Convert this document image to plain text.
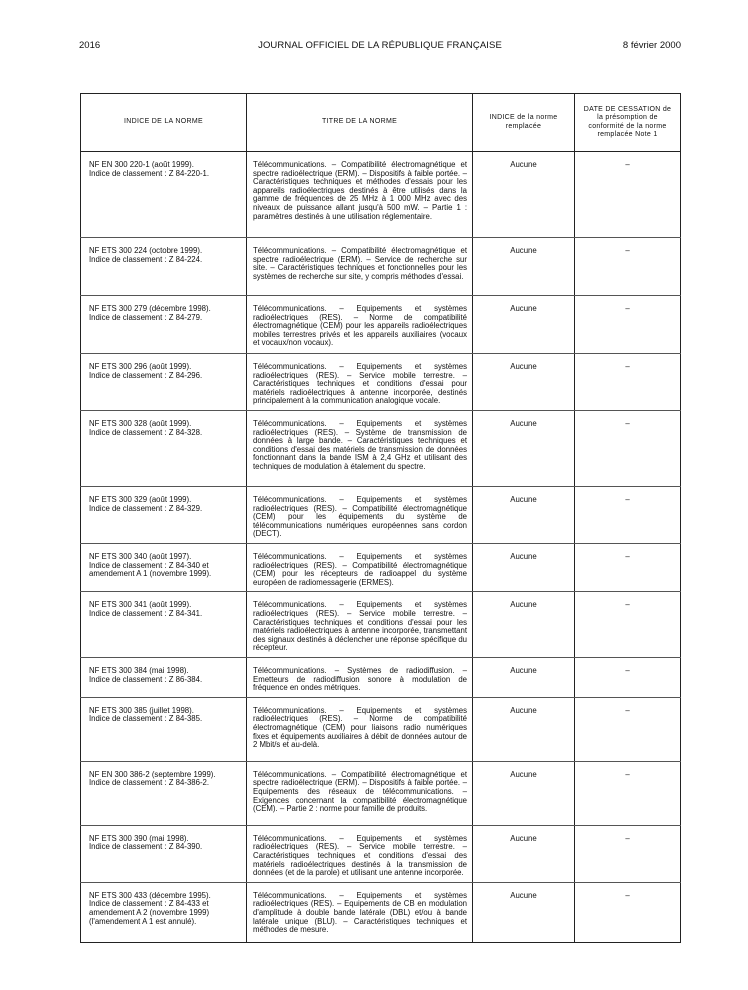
2016	JOURNAL OFFICIEL DE LA RÉPUBLIQUE FRANÇAISE	8 février 2000
INDICE DE LA NORME	TITRE DE LA NORME	INDICE de la norme remplacée	DATE DE CESSATION de la présomption de conformité de la norme remplacée Note 1

NF EN 300 220-1 (août 1999).
Indice de classement : Z 84-220-1.	Télécommunications. – Compatibilité électromagnétique et spectre radioélectrique (ERM). – Dispositifs à faible portée. – Caractéristiques techniques et méthodes d'essais pour les appareils radioélectriques destinés à être utilisés dans la gamme de fréquences de 25 MHz à 1 000 MHz avec des niveaux de puissance allant jusqu'à 500 mW. – Partie 1 : paramètres destinés à une utilisation réglementaire.	Aucune	–

NF ETS 300 224 (octobre 1999).
Indice de classement : Z 84-224.	Télécommunications. – Compatibilité électromagnétique et spectre radioélectrique (ERM). – Service de recherche sur site. – Caractéristiques techniques et fonctionnelles pour les systèmes de recherche sur site, y compris méthodes d'essai.	Aucune	–

NF ETS 300 279 (décembre 1998).
Indice de classement : Z 84-279.	Télécommunications. – Equipements et systèmes radioélectriques (RES). – Norme de compatibilité électromagnétique (CEM) pour les appareils radioélectriques mobiles terrestres privés et les appareils auxiliaires (vocaux et vocaux/non vocaux).	Aucune	–

NF ETS 300 296 (août 1999).
Indice de classement : Z 84-296.	Télécommunications. – Equipements et systèmes radioélectriques (RES). – Service mobile terrestre. – Caractéristiques techniques et conditions d'essai pour matériels radioélectriques à antenne incorporée, destinés principalement à la communication analogique vocale.	Aucune	–

NF ETS 300 328 (août 1999).
Indice de classement : Z 84-328.	Télécommunications. – Equipements et systèmes radioélectriques (RES). – Système de transmission de données à large bande. – Caractéristiques techniques et conditions d'essai des matériels de transmission de données fonctionnant dans la bande ISM à 2,4 GHz et utilisant des techniques de modulation à étalement du spectre.	Aucune	–

NF ETS 300 329 (août 1999).
Indice de classement : Z 84-329.	Télécommunications. – Equipements et systèmes radioélectriques (RES). – Compatibilité électromagnétique (CEM) pour les équipements du système de télécommunications numériques européennes sans cordon (DECT).	Aucune	–

NF ETS 300 340 (août 1997).
Indice de classement : Z 84-340 et amendement A 1 (novembre 1999).	Télécommunications. – Equipements et systèmes radioélectriques (RES). – Compatibilité électromagnétique (CEM) pour les récepteurs de radioappel du système européen de radiomessagerie (ERMES).	Aucune	–

NF ETS 300 341 (août 1999).
Indice de classement : Z 84-341.	Télécommunications. – Equipements et systèmes radioélectriques (RES). – Service mobile terrestre. – Caractéristiques techniques et conditions d'essai pour les matériels radioélectriques à antenne incorporée, transmettant des signaux destinés à déclencher une réponse spécifique du récepteur.	Aucune	–

NF ETS 300 384 (mai 1998).
Indice de classement : Z 86-384.	Télécommunications. – Systèmes de radiodiffusion. – Emetteurs de radiodiffusion sonore à modulation de fréquence en ondes métriques.	Aucune	–

NF ETS 300 385 (juillet 1998).
Indice de classement : Z 84-385.	Télécommunications. – Equipements et systèmes radioélectriques (RES). – Norme de compatibilité électromagnétique (CEM) pour liaisons radio numériques fixes et équipements auxiliaires à débit de données autour de 2 Mbit/s et au-delà.	Aucune	–

NF EN 300 386-2 (septembre 1999).
Indice de classement : Z 84-386-2.	Télécommunications. – Compatibilité électromagnétique et spectre radioélectrique (ERM). – Dispositifs à faible portée. – Equipements des réseaux de télécommunications. – Exigences concernant la compatibilité électromagnétique (CEM). – Partie 2 : norme pour famille de produits.	Aucune	–

NF ETS 300 390 (mai 1998).
Indice de classement : Z 84-390.	Télécommunications. – Equipements et systèmes radioélectriques (RES). – Service mobile terrestre. – Caractéristiques techniques et conditions d'essai des matériels radioélectriques destinés à la transmission de données (et de la parole) et utilisant une antenne incorporée.	Aucune	–

NF ETS 300 433 (décembre 1995).
Indice de classement : Z 84-433 et amendement A 2 (novembre 1999) (l'amendement A 1 est annulé).	Télécommunications. – Equipements et systèmes radioélectriques (RES). – Equipements de CB en modulation d'amplitude à double bande latérale (DBL) et/ou à bande latérale unique (BLU). – Caractéristiques techniques et méthodes de mesure.	Aucune	–
